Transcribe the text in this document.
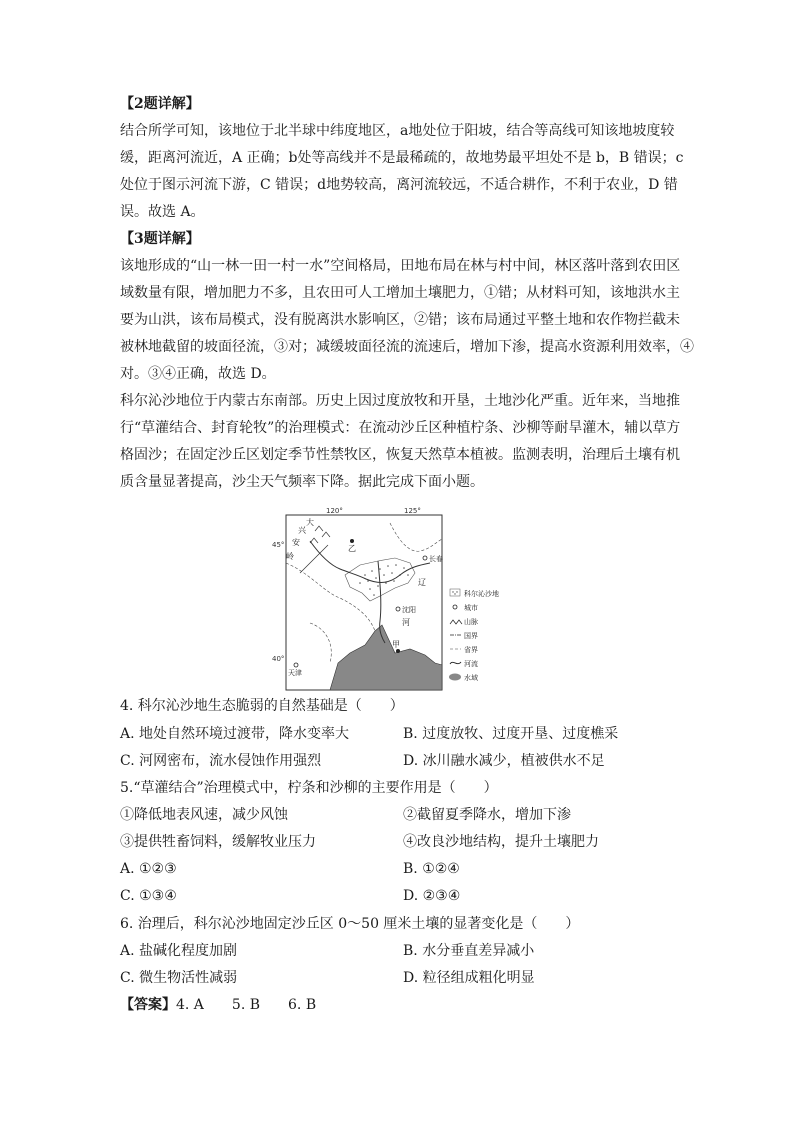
【2题详解】
结合所学可知，该地位于北半球中纬度地区，a地处位于阳坡，结合等高线可知该地坡度较
缓，距离河流近，A 正确；b处等高线并不是最稀疏的，故地势最平坦处不是 b，B 错误；c
处位于图示河流下游，C 错误；d地势较高，离河流较远，不适合耕作，不利于农业，D 错
误。故选 A。
【3题详解】
该地形成的“山一林一田一村一水”空间格局，田地布局在林与村中间，林区落叶落到农田区
域数量有限，增加肥力不多，且农田可人工增加土壤肥力，①错；从材料可知，该地洪水主
要为山洪，该布局模式，没有脱离洪水影响区，②错；该布局通过平整土地和农作物拦截未
被林地截留的坡面径流，③对；减缓坡面径流的流速后，增加下渗，提高水资源利用效率，④
对。③④正确，故选 D。
科尔沁沙地位于内蒙古东南部。历史上因过度放牧和开垦，土地沙化严重。近年来，当地推
行“草灌结合、封育轮牧”的治理模式：在流动沙丘区种植柠条、沙柳等耐旱灌木，辅以草方
格固沙；在固定沙丘区划定季节性禁牧区，恢复天然草本植被。监测表明，治理后土壤有机
质含量显著提高，沙尘天气频率下降。据此完成下面小题。
120°	125°
45°
40°
大
兴
安
岭
乙
长春
辽
沈阳
河
甲
天津
科尔沁沙地
城市
山脉
国界
省界
河流
水域
4. 科尔沁沙地生态脆弱的自然基础是（　　）
A. 地处自然环境过渡带，降水变率大	B. 过度放牧、过度开垦、过度樵采
C. 河网密布，流水侵蚀作用强烈	D. 冰川融水减少，植被供水不足
5.“草灌结合”治理模式中，柠条和沙柳的主要作用是（　　）
①降低地表风速，减少风蚀	②截留夏季降水，增加下渗
③提供牲畜饲料，缓解牧业压力	④改良沙地结构，提升土壤肥力
A. ①②③	B. ①②④
C. ①③④	D. ②③④
6. 治理后，科尔沁沙地固定沙丘区 0～50 厘米土壤的显著变化是（　　）
A. 盐碱化程度加剧	B. 水分垂直差异减小
C. 微生物活性减弱	D. 粒径组成粗化明显
【答案】4. A　　5. B　　6. B
